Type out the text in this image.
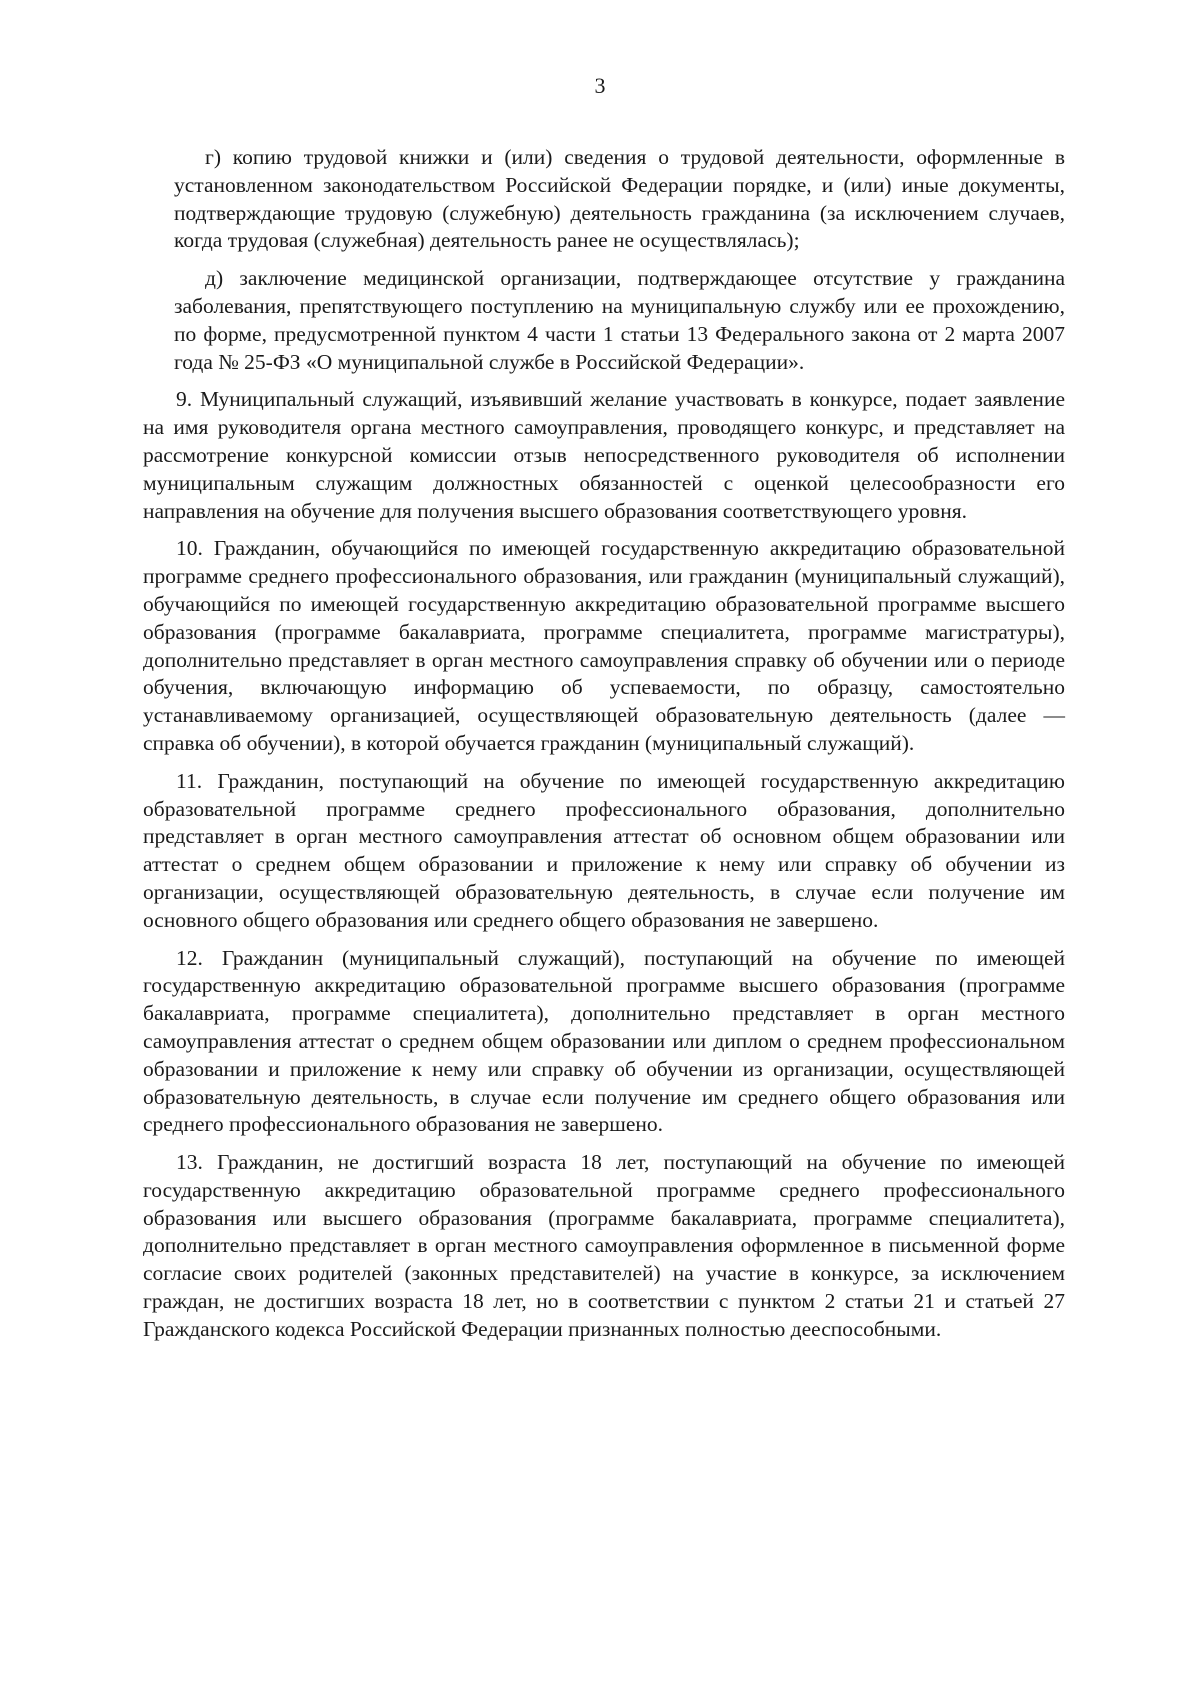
3

г) копию трудовой книжки и (или) сведения о трудовой деятельности, оформленные в установленном законодательством Российской Федерации порядке, и (или) иные документы, подтверждающие трудовую (служебную) деятельность гражданина (за исключением случаев, когда трудовая (служебная) деятельность ранее не осуществлялась);

д) заключение медицинской организации, подтверждающее отсутствие у гражданина заболевания, препятствующего поступлению на муниципальную службу или ее прохождению, по форме, предусмотренной пунктом 4 части 1 статьи 13 Федерального закона от 2 марта 2007 года № 25-ФЗ «О муниципальной службе в Российской Федерации».

9. Муниципальный служащий, изъявивший желание участвовать в конкурсе, подает заявление на имя руководителя органа местного самоуправления, проводящего конкурс, и представляет на рассмотрение конкурсной комиссии отзыв непосредственного руководителя об исполнении муниципальным служащим должностных обязанностей с оценкой целесообразности его направления на обучение для получения высшего образования соответствующего уровня.

10. Гражданин, обучающийся по имеющей государственную аккредитацию образовательной программе среднего профессионального образования, или гражданин (муниципальный служащий), обучающийся по имеющей государственную аккредитацию образовательной программе высшего образования (программе бакалавриата, программе специалитета, программе магистратуры), дополнительно представляет в орган местного самоуправления справку об обучении или о периоде обучения, включающую информацию об успеваемости, по образцу, самостоятельно устанавливаемому организацией, осуществляющей образовательную деятельность (далее — справка об обучении), в которой обучается гражданин (муниципальный служащий).

11. Гражданин, поступающий на обучение по имеющей государственную аккредитацию образовательной программе среднего профессионального образования, дополнительно представляет в орган местного самоуправления аттестат об основном общем образовании или аттестат о среднем общем образовании и приложение к нему или справку об обучении из организации, осуществляющей образовательную деятельность, в случае если получение им основного общего образования или среднего общего образования не завершено.

12. Гражданин (муниципальный служащий), поступающий на обучение по имеющей государственную аккредитацию образовательной программе высшего образования (программе бакалавриата, программе специалитета), дополнительно представляет в орган местного самоуправления аттестат о среднем общем образовании или диплом о среднем профессиональном образовании и приложение к нему или справку об обучении из организации, осуществляющей образовательную деятельность, в случае если получение им среднего общего образования или среднего профессионального образования не завершено.

13. Гражданин, не достигший возраста 18 лет, поступающий на обучение по имеющей государственную аккредитацию образовательной программе среднего профессионального образования или высшего образования (программе бакалавриата, программе специалитета), дополнительно представляет в орган местного самоуправления оформленное в письменной форме согласие своих родителей (законных представителей) на участие в конкурсе, за исключением граждан, не достигших возраста 18 лет, но в соответствии с пунктом 2 статьи 21 и статьей 27 Гражданского кодекса Российской Федерации признанных полностью дееспособными.
